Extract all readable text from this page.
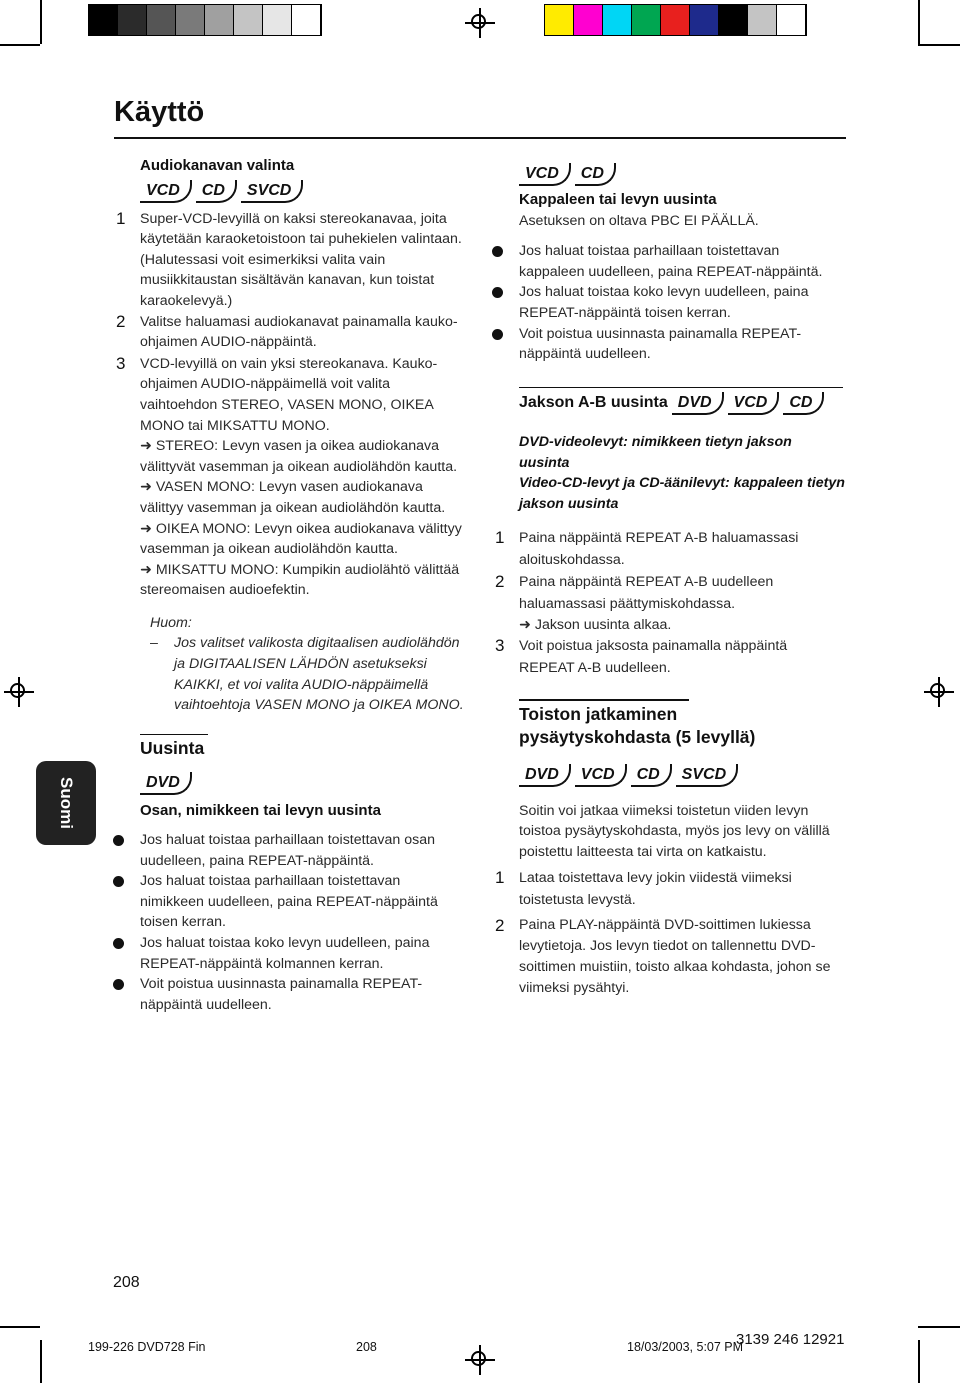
Käyttö
Suomi
Audiokanavan valinta
VCD	CD	SVCD
1	Super-VCD-levyillä on kaksi stereokanavaa, joita käytetään karaoketoistoon tai puhekielen valintaan. (Halutessasi voit esimerkiksi valita vain musiikkitaustan sisältävän kanavan, kun toistat karaokelevyä.)
2	Valitse haluamasi audiokanavat painamalla kauko-ohjaimen AUDIO-näppäintä.
3	VCD-levyillä on vain yksi stereokanava. Kauko-ohjaimen AUDIO-näppäimellä voit valita vaihtoehdon STEREO, VASEN MONO, OIKEA MONO tai MIKSATTU MONO.

➜ STEREO: Levyn vasen ja oikea audiokanava välittyvät vasemman ja oikean audiolähdön kautta.

➜ VASEN MONO: Levyn vasen audiokanava välittyy vasemman ja oikean audiolähdön kautta.

➜ OIKEA MONO: Levyn oikea audiokanava välittyy vasemman ja oikean audiolähdön kautta.

➜ MIKSATTU MONO: Kumpikin audiolähtö välittää stereomaisen audioefektin.

Huom:

–	Jos valitset valikosta digitaalisen audiolähdön ja DIGITAALISEN LÄHDÖN asetukseksi KAIKKI, et voi valita AUDIO-näppäimellä vaihtoehtoja VASEN MONO ja OIKEA MONO.

Uusinta
DVD
Osan, nimikkeen tai levyn uusinta

Jos haluat toistaa parhaillaan toistettavan osan uudelleen, paina REPEAT-näppäintä.

Jos haluat toistaa parhaillaan toistettavan nimikkeen uudelleen, paina REPEAT-näppäintä toisen kerran.

Jos haluat toistaa koko levyn uudelleen, paina REPEAT-näppäintä kolmannen kerran.

Voit poistua uusinnasta painamalla REPEAT-näppäintä uudelleen.

VCD	CD
Kappaleen tai levyn uusinta

Asetuksen on oltava PBC EI PÄÄLLÄ.

Jos haluat toistaa parhaillaan toistettavan kappaleen uudelleen, paina REPEAT-näppäintä.

Jos haluat toistaa koko levyn uudelleen, paina REPEAT-näppäintä toisen kerran.

Voit poistua uusinnasta painamalla REPEAT-näppäintä uudelleen.

Jakson A-B uusinta DVD	VCD	CD

DVD-videolevyt: nimikkeen tietyn jakson uusinta

Video-CD-levyt ja CD-äänilevyt: kappaleen tietyn jakson uusinta

1	Paina näppäintä REPEAT A-B haluamassasi aloituskohdassa.
2	Paina näppäintä REPEAT A-B uudelleen haluamassasi päättymiskohdassa.

➜ Jakson uusinta alkaa.

3	Voit poistua jaksosta painamalla näppäintä REPEAT A-B uudelleen.
Toiston jatkaminen pysäytyskohdasta (5 levyllä)
DVD	VCD	CD	SVCD

Soitin voi jatkaa viimeksi toistetun viiden levyn toistoa pysäytyskohdasta, myös jos levy on välillä poistettu laitteesta tai virta on katkaistu.

1	Lataa toistettava levy jokin viidestä viimeksi toistetusta levystä.
2	Paina PLAY-näppäintä DVD-soittimen lukiessa levytietoja. Jos levyn tiedot on tallennettu DVD-soittimen muistiin, toisto alkaa kohdasta, johon se viimeksi pysähtyi.
208
199-226 DVD728 Fin	208	18/03/2003, 5:07 PM
3139 246 12921
